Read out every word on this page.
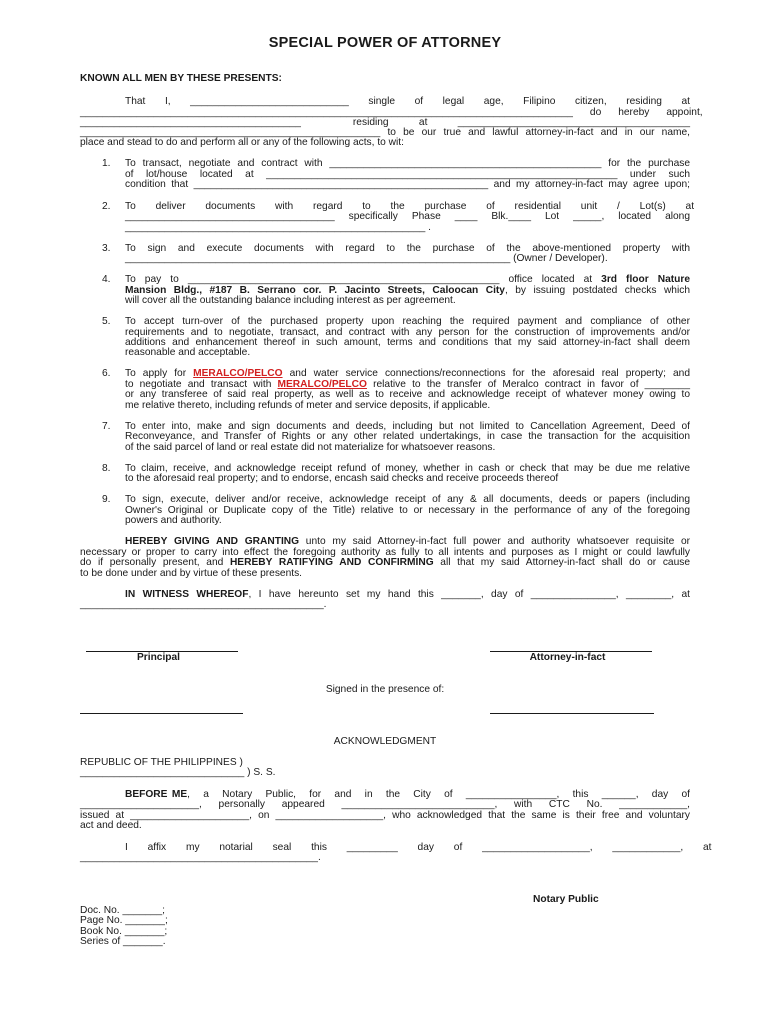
SPECIAL POWER OF ATTORNEY
KNOWN ALL MEN BY THESE PRESENTS:
That      I,      ____________________________      single      of      legal      age,      Filipino      citizen,      residing      at
_______________________________________________________________________________________      do      hereby      appoint,
_______________________________________            residing       at       _________________________________________
_____________________________________________________ to be our true and lawful attorney-in-fact and in our name,
place and stead to do and perform all or any of the following acts, to wit:
1. To transact, negotiate and contract with ________________________________________________ for the purchase
of lot/house located at ______________________________________________________________ under such
condition that ____________________________________________________ and my attorney-in-fact may agree upon;
2. To       deliver       documents       with       regard       to       the       purchase       of       residential       unit       /       Lot(s)       at
_____________________________________ specifically Phase ____ Blk.____ Lot _____, located along
_____________________________________________________ .
3. To sign and execute documents with regard to the purchase of the above-mentioned property with
____________________________________________________________________ (Owner / Developer).
4. To pay to _______________________________________________________ office located at 3rd floor Nature
Mansion Bldg., #187 B. Serrano cor. P. Jacinto Streets, Caloocan City, by issuing postdated checks which
will cover all the outstanding balance including interest as per agreement.
5. To accept turn-over of the purchased property upon reaching the required payment and compliance of other
requirements and to negotiate, transact, and contract with any person for the construction of improvements and/or
additions and enhancement thereof in such amount, terms and conditions that my said attorney-in-fact shall deem
reasonable and acceptable.
6. To apply for MERALCO/PELCO and water service connections/reconnections for the aforesaid real property; and
to negotiate and transact with MERALCO/PELCO relative to the transfer of Meralco contract in favor of ________
or any transferee of said real property, as well as to receive and acknowledge receipt of whatever money owing to
me relative thereto, including refunds of meter and service deposits, if applicable.
7. To enter into, make and sign documents and deeds, including but not limited to Cancellation Agreement, Deed of
Reconveyance, and Transfer of Rights or any other related undertakings, in case the transaction for the acquisition
of the said parcel of land or real estate did not materialize for whatsoever reasons.
8. To claim, receive, and acknowledge receipt refund of money, whether in cash or check that may be due me relative
to the aforesaid real property; and to endorse, encash said checks and receive proceeds thereof
9. To sign, execute, deliver and/or receive, acknowledge receipt of any & all documents, deeds or papers (including
Owner's Original or Duplicate copy of the Title) relative to or necessary in the performance of any of the foregoing
powers and authority.
HEREBY GIVING AND GRANTING unto my said Attorney-in-fact full power and authority whatsoever requisite or
necessary or proper to carry into effect the foregoing authority as fully to all intents and purposes as I might or could lawfully
do if personally present, and HEREBY RATIFYING AND CONFIRMING all that my said Attorney-in-fact shall do or cause
to be done under and by virtue of these presents.
IN WITNESS WHEREOF, I have hereunto set my hand this _______, day of _______________, ________, at
___________________________________________.
Principal	Attorney-in-fact
Signed in the presence of:
ACKNOWLEDGMENT
REPUBLIC OF THE PHILIPPINES )
_____________________________ ) S. S.
BEFORE ME,   a   Notary   Public,   for   and   in   the   City   of   ________________,   this   ______,   day   of
_____________________, personally appeared ___________________________, with CTC No. ____________,
issued at _____________________, on ___________________, who acknowledged that the same is their free and voluntary
act and deed.
I       affix       my       notarial       seal       this       _________       day       of       ___________________,       ____________,       at
__________________________________________.
Notary Public
Doc. No. _______;
Page No. _______;
Book No. _______;
Series of _______.
